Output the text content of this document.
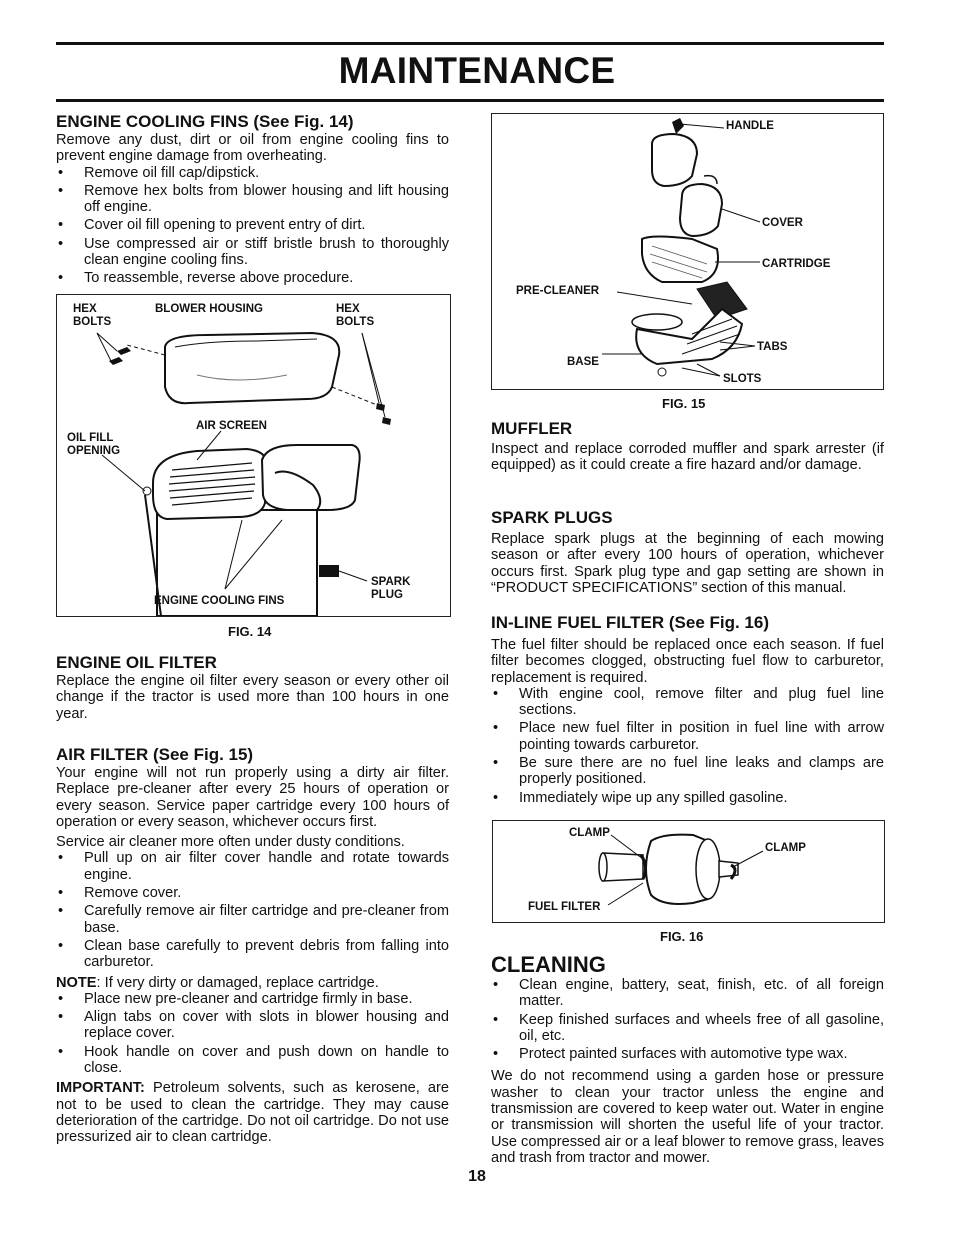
MAINTENANCE
ENGINE COOLING FINS (See Fig. 14)

Remove any dust, dirt or oil from engine cooling fins to prevent engine damage from overheating.

• Remove oil fill cap/dipstick.
• Remove hex bolts from blower housing and lift housing off engine.
• Cover oil fill opening to prevent entry of dirt.
• Use compressed air or stiff bristle brush to thoroughly clean engine cooling fins.
• To reassemble, reverse above procedure.
HEX BOLTS
BLOWER HOUSING	HEX BOLTS
AIR SCREEN
OIL FILL OPENING
SPARK PLUG
ENGINE COOLING FINS
FIG. 14
ENGINE OIL FILTER

Replace the engine oil filter every season or every other oil change if the tractor is used more than 100 hours in one year.

AIR FILTER (See Fig. 15)

Your engine will not run properly using a dirty air filter. Replace pre-cleaner after every 25 hours of operation or every season. Service paper cartridge every 100 hours of operation or every season, whichever occurs first.

Service air cleaner more often under dusty conditions.

• Pull up on air filter cover handle and rotate towards engine.
• Remove cover.
• Carefully remove air filter cartridge and pre-cleaner from base.
• Clean base carefully to prevent debris from falling into carburetor.

NOTE: If very dirty or damaged, replace cartridge.

• Place new pre-cleaner and cartridge firmly in base.
• Align tabs on cover with slots in blower housing and replace cover.
• Hook handle on cover and push down on handle to close.

IMPORTANT: Petroleum solvents, such as kerosene, are not to be used to clean the cartridge. They may cause deterioration of the cartridge. Do not oil cartridge. Do not use pressurized air to clean cartridge.

HANDLE
COVER
CARTRIDGE
PRE-CLEANER
TABS
BASE
SLOTS
FIG. 15
MUFFLER

Inspect and replace corroded muffler and spark arrester (if equipped) as it could create a fire hazard and/or damage.

SPARK PLUGS

Replace spark plugs at the beginning of each mowing season or after every 100 hours of operation, whichever occurs first. Spark plug type and gap setting are shown in “PRODUCT SPECIFICATIONS” section of this manual.

IN-LINE FUEL FILTER (See Fig. 16)

The fuel filter should be replaced once each season. If fuel filter becomes clogged, obstructing fuel flow to carburetor, replacement is required.

• With engine cool, remove filter and plug fuel line sections.
• Place new fuel filter in position in fuel line with arrow pointing towards carburetor.
• Be sure there are no fuel line leaks and clamps are properly positioned.
• Immediately wipe up any spilled gasoline.
CLAMP
CLAMP
FUEL FILTER
FIG. 16
CLEANING
• Clean engine, battery, seat, finish, etc. of all foreign matter.
• Keep finished surfaces and wheels free of all gasoline, oil, etc.
• Protect painted surfaces with automotive type wax.

We do not recommend using a garden hose or pressure washer to clean your tractor unless the engine and transmission are covered to keep water out. Water in engine or transmission will shorten the useful life of your tractor. Use compressed air or a leaf blower to remove grass, leaves and trash from tractor and mower.

18
